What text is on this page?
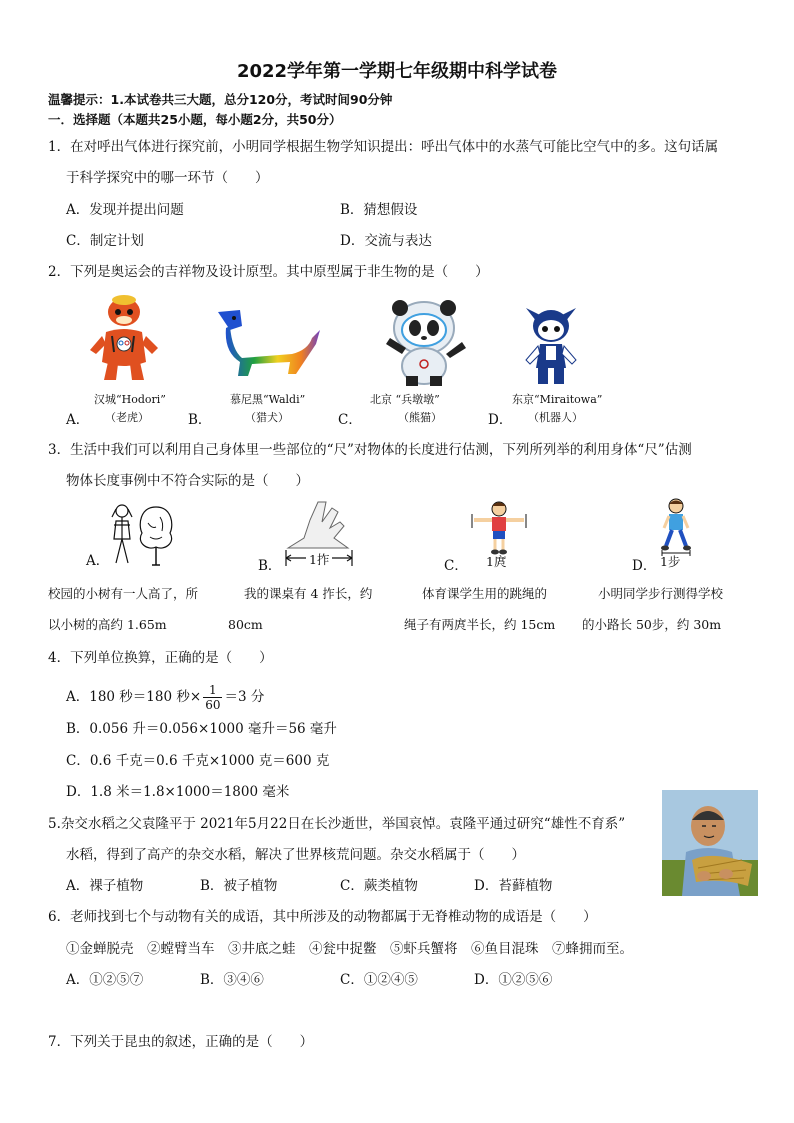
2022学年第一学期七年级期中科学试卷
温馨提示：1.本试卷共三大题，总分120分，考试时间90分钟
一．选择题（本题共25小题，每小题2分，共50分）
1．在对呼出气体进行探究前，小明同学根据生物学知识提出：呼出气体中的水蒸气可能比空气中的多。这句话属
于科学探究中的哪一环节（　　）
A．发现并提出问题	B．猜想假设
C．制定计划	D．交流与表达
2．下列是奥运会的吉祥物及设计原型。其中原型属于非生物的是（　　）
汉城“Hodori”
A． （老虎）
慕尼黑“Waldi”
B．	（猎犬）
北京 “兵墩墩”
C．	（熊猫）
东京“Miraitowa”
D． （机器人）
3．生活中我们可以利用自己身体里一些部位的“尺”对物体的长度进行估测，下列所列举的利用身体“尺”估测
物体长度事例中不符合实际的是（　　）
A．	B． 1拃	C． 1庹	D． 1步
校园的小树有一人高了，所
以小树的高约 1.65m
我的课桌有 4 拃长，约
80cm
体育课学生用的跳绳的
绳子有两庹半长，约 15cm
小明同学步行测得学校
的小路长 50步，约 30m
4．下列单位换算，正确的是（　　）
A．180 秒＝180 秒× $\frac{1}{60} =3$ 分
B．0.056 升＝0.056×1000 毫升＝56 毫升
C．0.6 千克＝0.6 千克×1000 克＝600 克
D．1.8 米＝1.8×1000＝1800 毫米
5.杂交水稻之父袁隆平于 2021年5月22日在长沙逝世，举国哀悼。袁隆平通过研究“雄性不育系”
水稻，得到了高产的杂交水稻，解决了世界核荒问题。杂交水稻属于（　　）
A．裸子植物	B．被子植物	C．蕨类植物	D．苔藓植物
6．老师找到七个与动物有关的成语，其中所涉及的动物都属于无脊椎动物的成语是（　　）
①金蝉脱壳　②螳臂当车　③井底之蛙　④瓮中捉鳖　⑤虾兵蟹将　⑥鱼目混珠　⑦蜂拥而至。
A．①②⑤⑦	B．③④⑥	C．①②④⑤	D．①②⑤⑥
7．下列关于昆虫的叙述，正确的是（　　）
